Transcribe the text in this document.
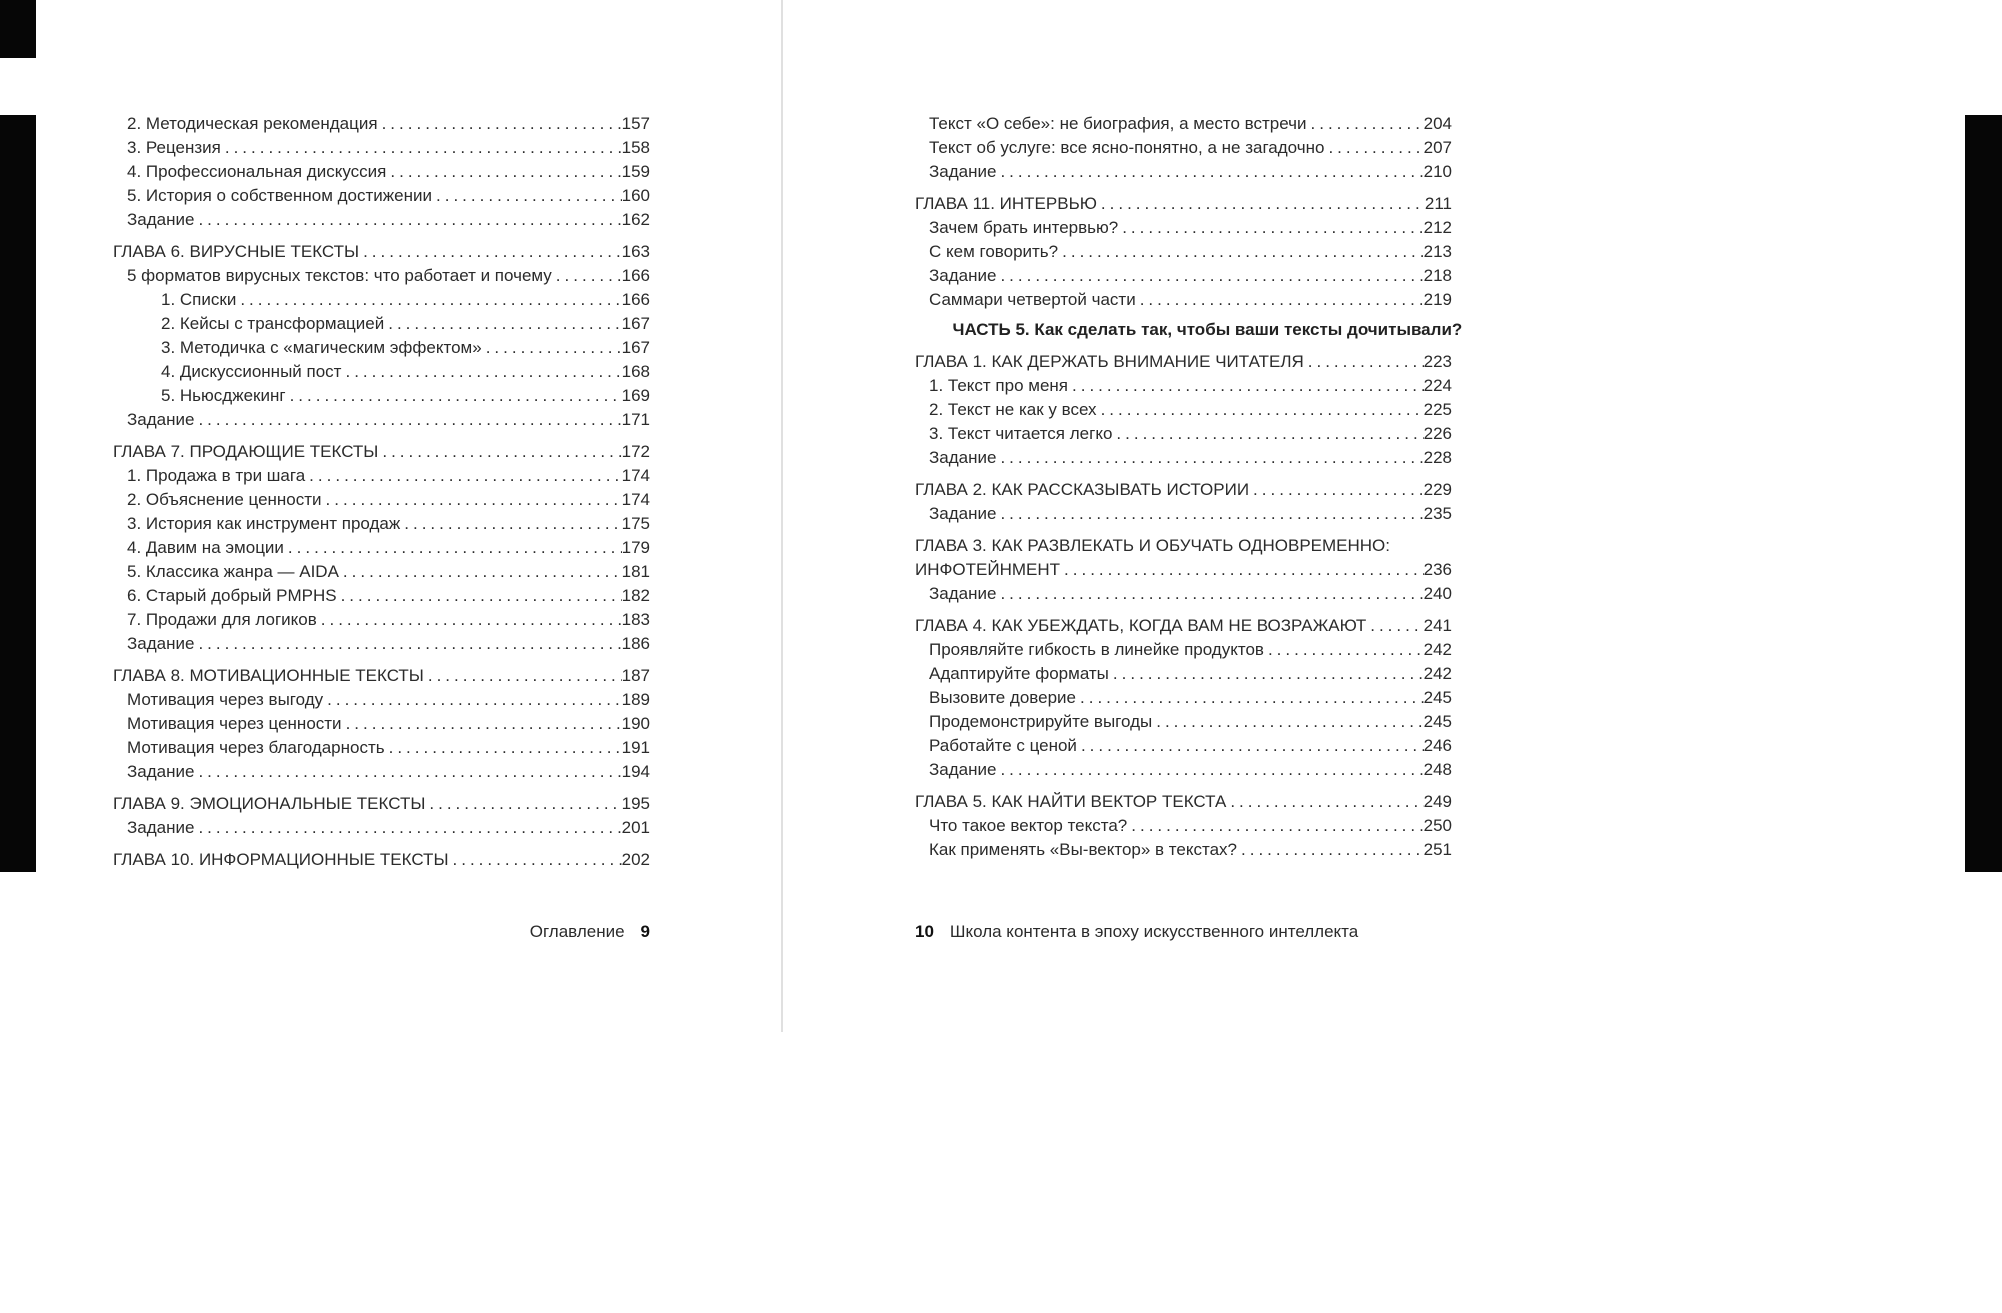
2. Методическая рекомендация .....	157
3. Рецензия .....	158
4. Профессиональная дискуссия .....	159
5. История о собственном достижении .....	160
Задание .....	162
ГЛАВА 6. ВИРУСНЫЕ ТЕКСТЫ .....	163
5 форматов вирусных текстов: что работает и почему .....	166
1. Списки .....	166
2. Кейсы с трансформацией .....	167
3. Методичка с «магическим эффектом» .....	167
4. Дискуссионный пост .....	168
5. Ньюсджекинг .....	169
Задание .....	171
ГЛАВА 7. ПРОДАЮЩИЕ ТЕКСТЫ .....	172
1. Продажа в три шага .....	174
2. Объяснение ценности .....	174
3. История как инструмент продаж .....	175
4. Давим на эмоции .....	179
5. Классика жанра — AIDA .....	181
6. Старый добрый PMPHS .....	182
7. Продажи для логиков .....	183
Задание .....	186
ГЛАВА 8. МОТИВАЦИОННЫЕ ТЕКСТЫ .....	187
Мотивация через выгоду .....	189
Мотивация через ценности .....	190
Мотивация через благодарность .....	191
Задание .....	194
ГЛАВА 9. ЭМОЦИОНАЛЬНЫЕ ТЕКСТЫ .....	195
Задание .....	201
ГЛАВА 10. ИНФОРМАЦИОННЫЕ ТЕКСТЫ .....	202
Текст «О себе»: не биография, а место встречи .....	204
Текст об услуге: все ясно-понятно, а не загадочно .....	207
Задание .....	210
ГЛАВА 11. ИНТЕРВЬЮ .....	211
Зачем брать интервью? .....	212
С кем говорить? .....	213
Задание .....	218
Саммари четвертой части .....	219
ЧАСТЬ 5. Как сделать так, чтобы ваши тексты дочитывали?
ГЛАВА 1. КАК ДЕРЖАТЬ ВНИМАНИЕ ЧИТАТЕЛЯ .....	223
1. Текст про меня .....	224
2. Текст не как у всех .....	225
3. Текст читается легко .....	226
Задание .....	228
ГЛАВА 2. КАК РАССКАЗЫВАТЬ ИСТОРИИ .....	229
Задание .....	235
ГЛАВА 3. КАК РАЗВЛЕКАТЬ И ОБУЧАТЬ ОДНОВРЕМЕННО:
ИНФОТЕЙНМЕНТ .....	236
Задание .....	240
ГЛАВА 4. КАК УБЕЖДАТЬ, КОГДА ВАМ НЕ ВОЗРАЖАЮТ .....	241
Проявляйте гибкость в линейке продуктов .....	242
Адаптируйте форматы .....	242
Вызовите доверие .....	245
Продемонстрируйте выгоды .....	245
Работайте с ценой .....	246
Задание .....	248
ГЛАВА 5. КАК НАЙТИ ВЕКТОР ТЕКСТА .....	249
Что такое вектор текста? .....	250
Как применять «Вы-вектор» в текстах? .....	251
Оглавление 9	10 Школа контента в эпоху искусственного интеллекта
